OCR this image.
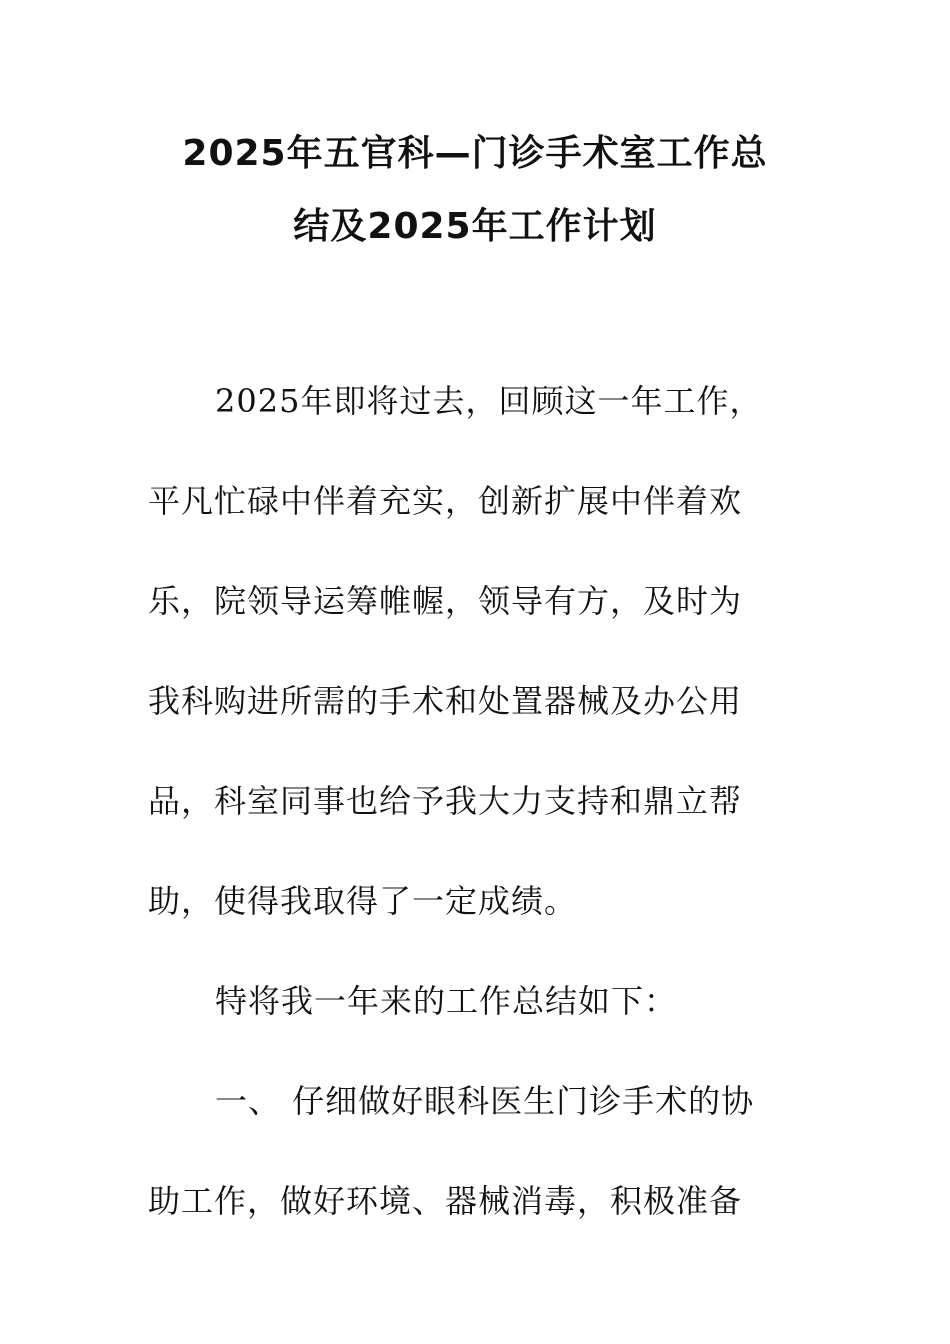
2025年五官科—门诊手术室工作总
结及2025年工作计划
2025年即将过去，回顾这一年工作，
平凡忙碌中伴着充实，创新扩展中伴着欢
乐，院领导运筹帷幄，领导有方，及时为
我科购进所需的手术和处置器械及办公用
品，科室同事也给予我大力支持和鼎立帮
助，使得我取得了一定成绩。
特将我一年来的工作总结如下：
一、 仔细做好眼科医生门诊手术的协
助工作，做好环境、器械消毒，积极准备
